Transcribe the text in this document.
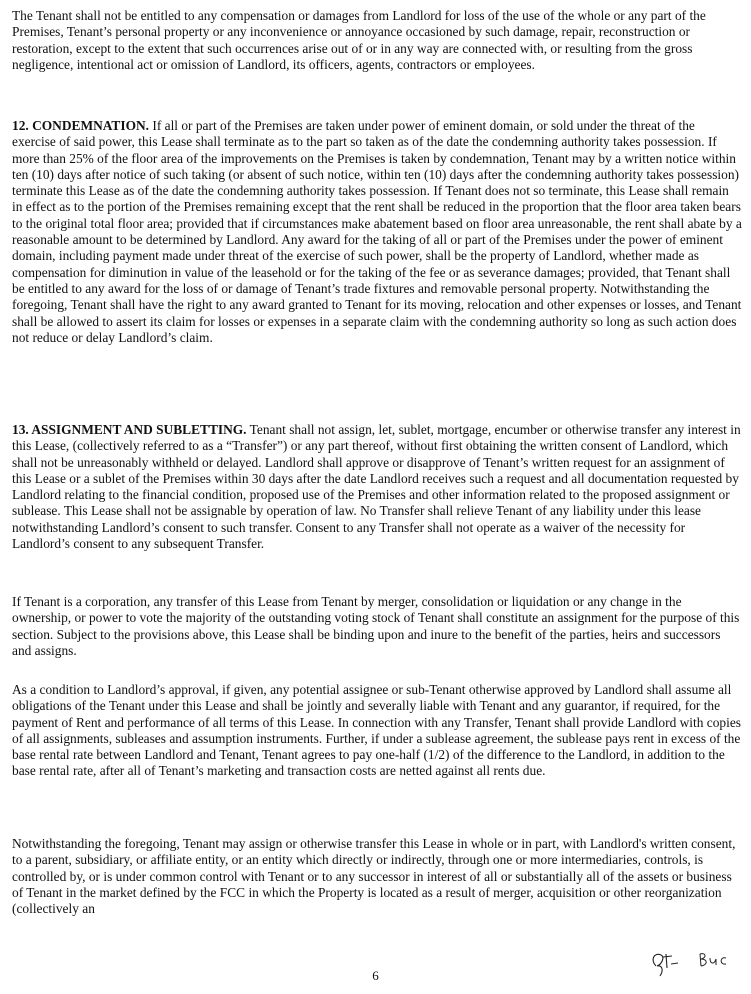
The Tenant shall not be entitled to any compensation or damages from Landlord for loss of the use of the whole or any part of the Premises, Tenant’s personal property or any inconvenience or annoyance occasioned by such damage, repair, reconstruction or restoration, except to the extent that such occurrences arise out of or in any way are connected with, or resulting from the gross negligence, intentional act or omission of Landlord, its officers, agents, contractors or employees.

12. CONDEMNATION. If all or part of the Premises are taken under power of eminent domain, or sold under the threat of the exercise of said power, this Lease shall terminate as to the part so taken as of the date the condemning authority takes possession. If more than 25% of the floor area of the improvements on the Premises is taken by condemnation, Tenant may by a written notice within ten (10) days after notice of such taking (or absent of such notice, within ten (10) days after the condemning authority takes possession) terminate this Lease as of the date the condemning authority takes possession. If Tenant does not so terminate, this Lease shall remain in effect as to the portion of the Premises remaining except that the rent shall be reduced in the proportion that the floor area taken bears to the original total floor area; provided that if circumstances make abatement based on floor area unreasonable, the rent shall abate by a reasonable amount to be determined by Landlord. Any award for the taking of all or part of the Premises under the power of eminent domain, including payment made under threat of the exercise of such power, shall be the property of Landlord, whether made as compensation for diminution in value of the leasehold or for the taking of the fee or as severance damages; provided, that Tenant shall be entitled to any award for the loss of or damage of Tenant’s trade fixtures and removable personal property. Notwithstanding the foregoing, Tenant shall have the right to any award granted to Tenant for its moving, relocation and other expenses or losses, and Tenant shall be allowed to assert its claim for losses or expenses in a separate claim with the condemning authority so long as such action does not reduce or delay Landlord’s claim.

13. ASSIGNMENT AND SUBLETTING. Tenant shall not assign, let, sublet, mortgage, encumber or otherwise transfer any interest in this Lease, (collectively referred to as a “Transfer”) or any part thereof, without first obtaining the written consent of Landlord, which shall not be unreasonably withheld or delayed. Landlord shall approve or disapprove of Tenant’s written request for an assignment of this Lease or a sublet of the Premises within 30 days after the date Landlord receives such a request and all documentation requested by Landlord relating to the financial condition, proposed use of the Premises and other information related to the proposed assignment or sublease. This Lease shall not be assignable by operation of law. No Transfer shall relieve Tenant of any liability under this lease notwithstanding Landlord’s consent to such transfer. Consent to any Transfer shall not operate as a waiver of the necessity for Landlord’s consent to any subsequent Transfer.

If Tenant is a corporation, any transfer of this Lease from Tenant by merger, consolidation or liquidation or any change in the ownership, or power to vote the majority of the outstanding voting stock of Tenant shall constitute an assignment for the purpose of this section. Subject to the provisions above, this Lease shall be binding upon and inure to the benefit of the parties, heirs and successors and assigns.

As a condition to Landlord’s approval, if given, any potential assignee or sub-Tenant otherwise approved by Landlord shall assume all obligations of the Tenant under this Lease and shall be jointly and severally liable with Tenant and any guarantor, if required, for the payment of Rent and performance of all terms of this Lease. In connection with any Transfer, Tenant shall provide Landlord with copies of all assignments, subleases and assumption instruments. Further, if under a sublease agreement, the sublease pays rent in excess of the base rental rate between Landlord and Tenant, Tenant agrees to pay one-half (1/2) of the difference to the Landlord, in addition to the base rental rate, after all of Tenant’s marketing and transaction costs are netted against all rents due.

Notwithstanding the foregoing, Tenant may assign or otherwise transfer this Lease in whole or in part, with Landlord's written consent, to a parent, subsidiary, or affiliate entity, or an entity which directly or indirectly, through one or more intermediaries, controls, is controlled by, or is under common control with Tenant or to any successor in interest of all or substantially all of the assets or business of Tenant in the market defined by the FCC in which the Property is located as a result of merger, acquisition or other reorganization (collectively an

6
